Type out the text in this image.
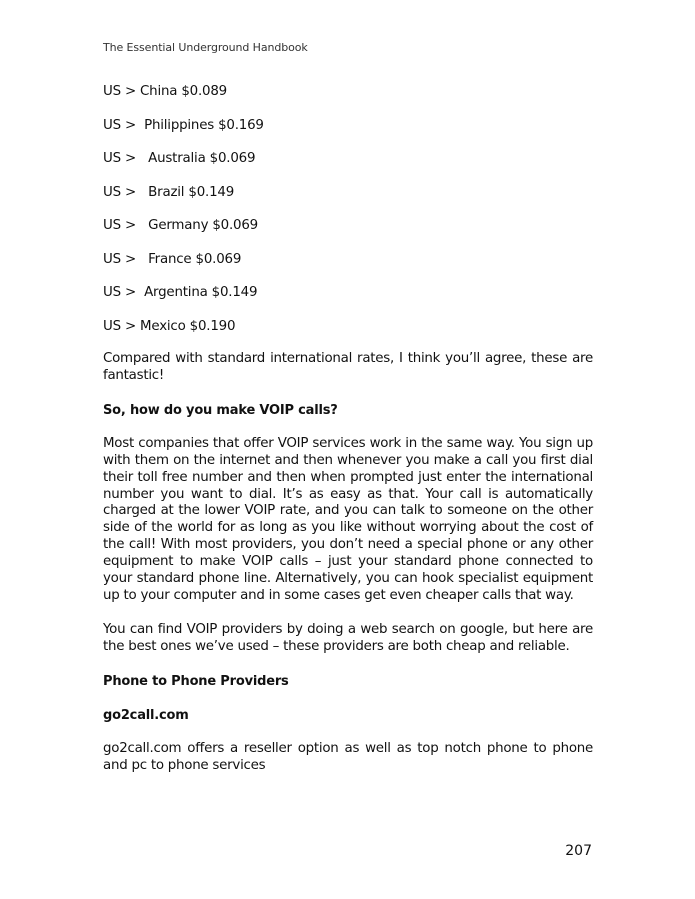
The Essential Underground Handbook
US > China $0.089
US >  Philippines $0.169
US >   Australia $0.069
US >   Brazil $0.149
US >   Germany $0.069
US >   France $0.069
US >  Argentina $0.149
US > Mexico $0.190

Compared with standard international rates, I think you’ll agree, these are fantastic!

So, how do you make VOIP calls?

Most companies that offer VOIP services work in the same way. You sign up with them on the internet and then whenever you make a call you first dial their toll free number and then when prompted just enter the international number you want to dial. It’s as easy as that. Your call is automatically charged at the lower VOIP rate, and you can talk to someone on the other side of the world for as long as you like without worrying about the cost of the call! With most providers, you don’t need a special phone or any other equipment to make VOIP calls – just your standard phone connected to your standard phone line. Alternatively, you can hook specialist equipment up to your computer and in some cases get even cheaper calls that way.

You can find VOIP providers by doing a web search on google, but here are the best ones we’ve used – these providers are both cheap and reliable.

Phone to Phone Providers
go2call.com

go2call.com offers a reseller option as well as top notch phone to phone and pc to phone services

207
